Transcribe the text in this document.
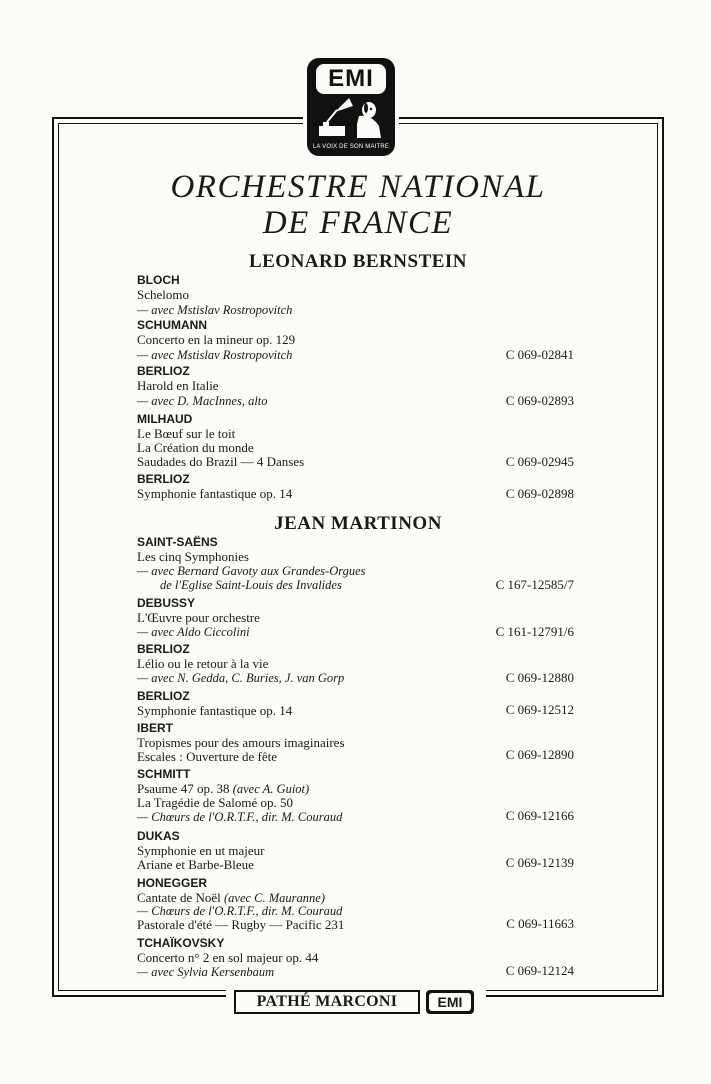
EMI
LA VOIX DE SON MAITRE
ORCHESTRE NATIONAL
DE FRANCE
LEONARD BERNSTEIN
BLOCH
Schelomo
— avec Mstislav Rostropovitch
SCHUMANN
Concerto en la mineur op. 129
— avec Mstislav Rostropovitch	C 069-02841
BERLIOZ
Harold en Italie
— avec D. MacInnes, alto	C 069-02893
MILHAUD
Le Bœuf sur le toit
La Création du monde
Saudades do Brazil — 4 Danses	C 069-02945
BERLIOZ
Symphonie fantastique op. 14	C 069-02898
JEAN MARTINON
SAINT-SAËNS
Les cinq Symphonies
— avec Bernard Gavoty aux Grandes-Orgues
de l'Eglise Saint-Louis des Invalides	C 167-12585/7
DEBUSSY
L'Œuvre pour orchestre
— avec Aldo Ciccolini	C 161-12791/6
BERLIOZ
Lélio ou le retour à la vie
— avec N. Gedda, C. Buries, J. van Gorp	C 069-12880
BERLIOZ
Symphonie fantastique op. 14	C 069-12512
IBERT
Tropismes pour des amours imaginaires
Escales : Ouverture de fête	C 069-12890
SCHMITT
Psaume 47 op. 38 (avec A. Guiot)
La Tragédie de Salomé op. 50
— Chœurs de l'O.R.T.F., dir. M. Couraud	C 069-12166
DUKAS
Symphonie en ut majeur
Ariane et Barbe-Bleue	C 069-12139
HONEGGER
Cantate de Noël (avec C. Mauranne)
— Chœurs de l'O.R.T.F., dir. M. Couraud
Pastorale d'été — Rugby — Pacific 231	C 069-11663
TCHAÏKOVSKY
Concerto n° 2 en sol majeur op. 44
— avec Sylvia Kersenbaum	C 069-12124
PATHÉ MARCONI	EMI
